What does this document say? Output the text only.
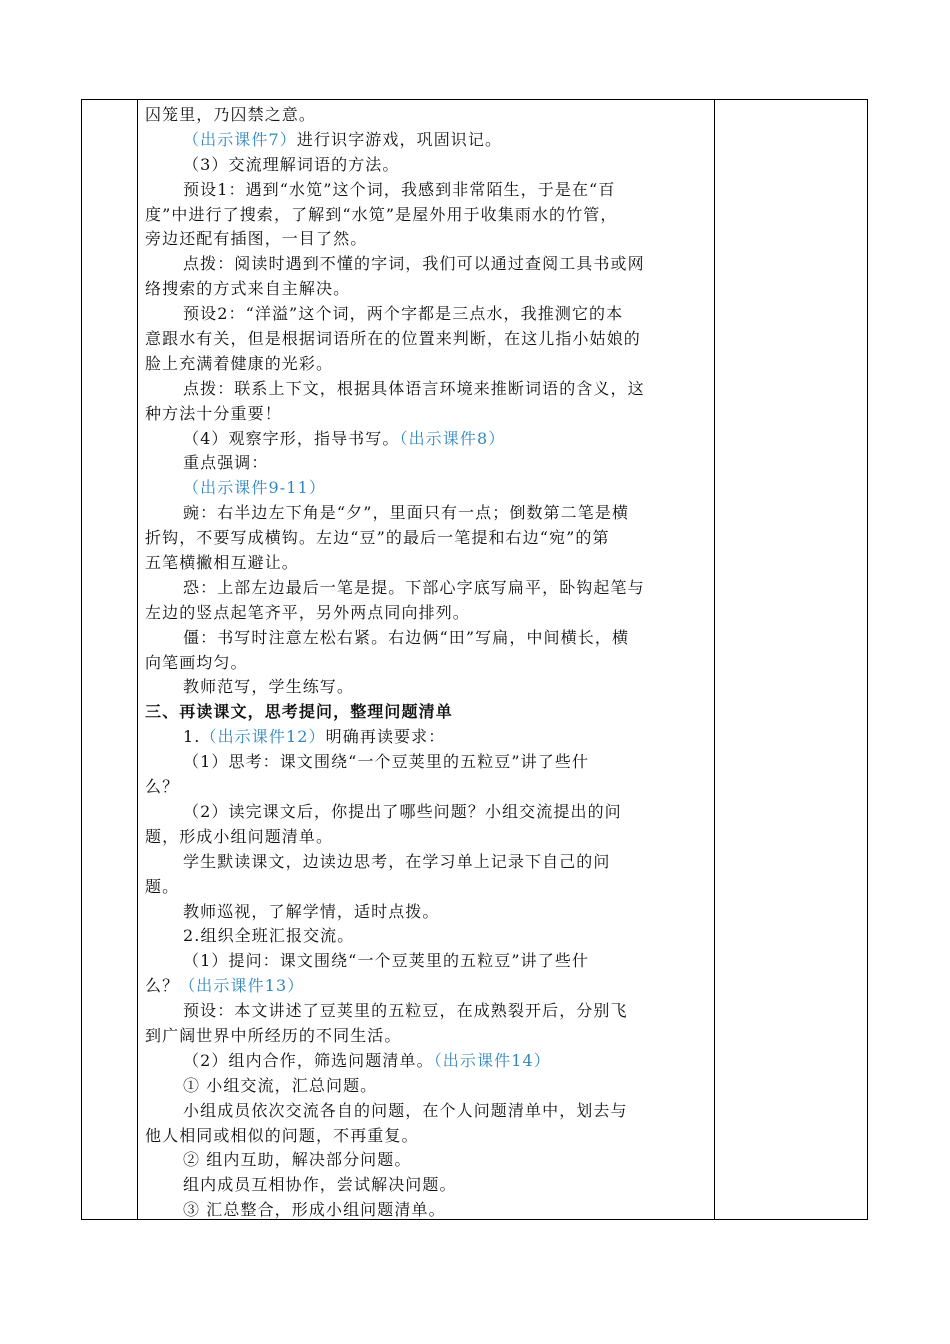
囚笼里，乃囚禁之意。
（出示课件7）进行识字游戏，巩固识记。
（3）交流理解词语的方法。
预设1：遇到“水笕”这个词，我感到非常陌生，于是在“百
度”中进行了搜索，了解到“水笕”是屋外用于收集雨水的竹管，
旁边还配有插图，一目了然。
点拨：阅读时遇到不懂的字词，我们可以通过查阅工具书或网
络搜索的方式来自主解决。
预设2：“洋溢”这个词，两个字都是三点水，我推测它的本
意跟水有关，但是根据词语所在的位置来判断，在这儿指小姑娘的
脸上充满着健康的光彩。
点拨：联系上下文，根据具体语言环境来推断词语的含义，这
种方法十分重要！
（4）观察字形，指导书写。（出示课件8）
重点强调：
（出示课件9-11）
豌：右半边左下角是“夕”，里面只有一点；倒数第二笔是横
折钩，不要写成横钩。左边“豆”的最后一笔提和右边“宛”的第
五笔横撇相互避让。
恐：上部左边最后一笔是提。下部心字底写扁平，卧钩起笔与
左边的竖点起笔齐平，另外两点同向排列。
僵：书写时注意左松右紧。右边俩“田”写扁，中间横长，横
向笔画均匀。
教师范写，学生练写。
三、再读课文，思考提问，整理问题清单
1.（出示课件12）明确再读要求：
（1）思考：课文围绕“一个豆荚里的五粒豆”讲了些什
么？
（2）读完课文后，你提出了哪些问题？小组交流提出的问
题，形成小组问题清单。
学生默读课文，边读边思考，在学习单上记录下自己的问
题。
教师巡视，了解学情，适时点拨。
2.组织全班汇报交流。
（1）提问：课文围绕“一个豆荚里的五粒豆”讲了些什
么？（出示课件13）
预设：本文讲述了豆荚里的五粒豆，在成熟裂开后，分别飞
到广阔世界中所经历的不同生活。
（2）组内合作，筛选问题清单。（出示课件14）
① 小组交流，汇总问题。
小组成员依次交流各自的问题，在个人问题清单中，划去与
他人相同或相似的问题，不再重复。
② 组内互助，解决部分问题。
组内成员互相协作，尝试解决问题。
③ 汇总整合，形成小组问题清单。
